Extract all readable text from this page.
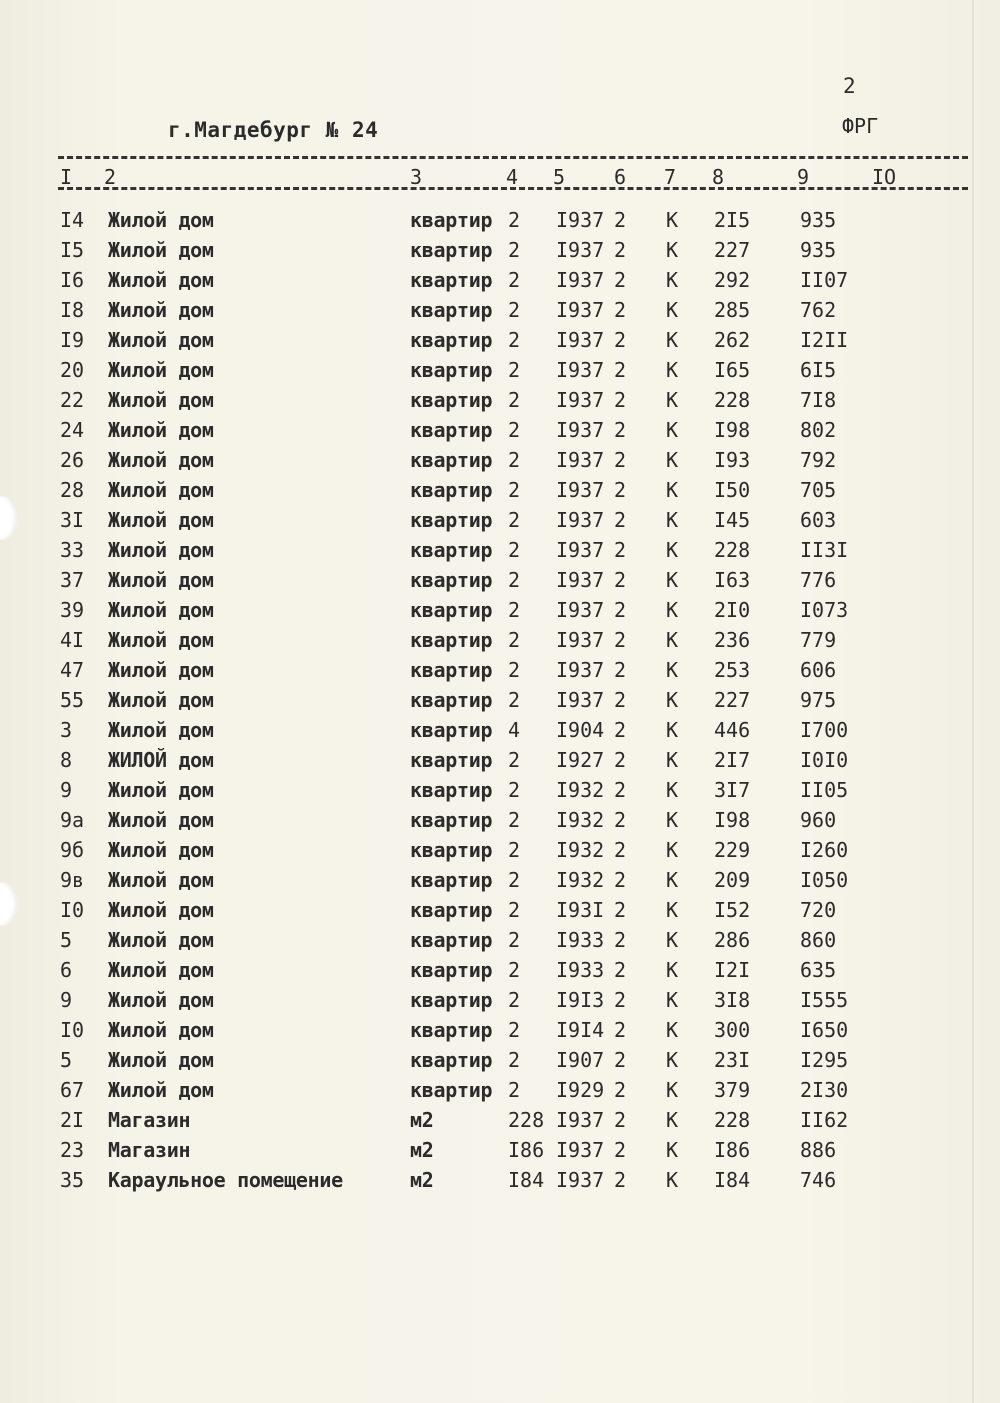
2
г.Магдебург № 24	ФРГ
I 2	3	4 5 6 7 8	9	IO
I4 Жилой дом	квартир 2 I937 2 К 2I5 935
I5 Жилой дом	квартир 2 I937 2 К 227 935
I6 Жилой дом	квартир 2 I937 2 К 292 II07
I8 Жилой дом	квартир 2 I937 2 К 285 762
I9 Жилой дом	квартир 2 I937 2 К 262 I2II
20 Жилой дом	квартир 2 I937 2 К I65 6I5
22 Жилой дом	квартир 2 I937 2 К 228 7I8
24 Жилой дом	квартир 2 I937 2 К I98 802
26 Жилой дом	квартир 2 I937 2 К I93 792
28 Жилой дом	квартир 2 I937 2 К I50 705
3I Жилой дом	квартир 2 I937 2 К I45 603
33 Жилой дом	квартир 2 I937 2 К 228 II3I
37 Жилой дом	квартир 2 I937 2 К I63 776
39 Жилой дом	квартир 2 I937 2 К 2I0 I073
4I Жилой дом	квартир 2 I937 2 К 236 779
47 Жилой дом	квартир 2 I937 2 К 253 606
55 Жилой дом	квартир 2 I937 2 К 227 975
3 Жилой дом	квартир 4 I904 2 К 446 I700
8 ЖИЛОЙ дом	квартир 2 I927 2 К 2I7 I0I0
9 Жилой дом	квартир 2 I932 2 К 3I7 II05
9а Жилой дом	квартир 2 I932 2 К I98 960
9б Жилой дом	квартир 2 I932 2 К 229 I260
9в Жилой дом	квартир 2 I932 2 К 209 I050
I0 Жилой дом	квартир 2 I93I 2 К I52 720
5 Жилой дом	квартир 2 I933 2 К 286 860
6 Жилой дом	квартир 2 I933 2 К I2I 635
9 Жилой дом	квартир 2 I9I3 2 К 3I8 I555
I0 Жилой дом	квартир 2 I9I4 2 К 300 I650
5 Жилой дом	квартир 2 I907 2 К 23I I295
67 Жилой дом	квартир 2 I929 2 К 379 2I30
2I Магазин	м2	228 I937 2 К 228 II62
23 Магазин	м2	I86 I937 2 К I86 886
35 Караульное помещение	м2	I84 I937 2 К I84 746
